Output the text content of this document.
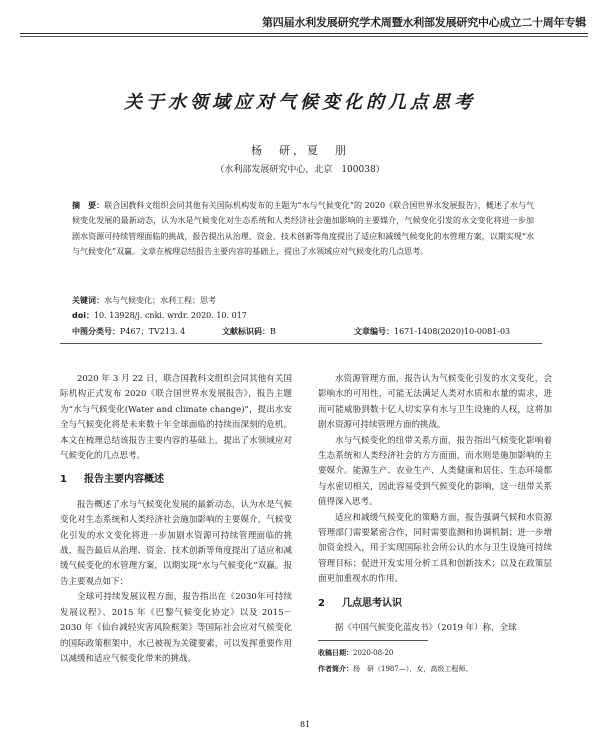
第四届水利发展研究学术周暨水利部发展研究中心成立二十周年专辑
关于水领域应对气候变化的几点思考
杨　研，夏　朋
（水利部发展研究中心，北京　100038）
摘　要：联合国教科文组织会同其他有关国际机构发布的主题为“水与气候变化”的 2020《联合国世界水发展报告》，概述了水与气候变化发展的最新动态，认为水是气候变化对生态系统和人类经济社会施加影响的主要媒介，气候变化引发的水文变化将进一步加剧水资源可持续管理面临的挑战，报告提出从治理、资金、技术创新等角度提出了适应和减缓气候变化的水管理方案，以期实现“水与气候变化”双赢。文章在梳理总结报告主要内容的基础上，提出了水领域应对气候变化的几点思考。
关键词：水与气候变化；水利工程；思考
doi：10. 13928/j. cnki. wrdr. 2020. 10. 017
中图分类号：P467；TV213. 4	文献标识码：B	文章编号：1671-1408(2020)10-0081-03

2020 年 3 月 22 日，联合国教科文组织会同其他有关国际机构正式发布 2020《联合国世界水发展报告》，报告主题为“水与气候变化(Water and climate change)”，提出水安全与气候变化将是未来数十年全球面临的持续而深刻的危机。本文在梳理总结该报告主要内容的基础上，提出了水领域应对气候变化的几点思考。

1 报告主要内容概述

报告概述了水与气候变化发展的最新动态，认为水是气候变化对生态系统和人类经济社会施加影响的主要媒介，气候变化引发的水文变化将进一步加剧水资源可持续管理面临的挑战，报告最后从治理、资金、技术创新等角度提出了适应和减缓气候变化的水管理方案，以期实现“水与气候变化”双赢。报告主要观点如下：

全球可持续发展议程方面，报告指出在《2030年可持续发展议程》、2015 年《巴黎气候变化协定》以及 2015－2030 年《仙台减轻灾害风险框架》等国际社会应对气候变化的国际政策框架中，水已被视为关键要素，可以发挥重要作用以减缓和适应气候变化带来的挑战。

水资源管理方面，报告认为气候变化引发的水文变化，会影响水的可用性，可能无法满足人类对水质和水量的需求，进而可能威胁到数十亿人切实享有水与卫生设施的人权，这将加剧水资源可持续管理方面的挑战。

水与气候变化的纽带关系方面，报告指出气候变化影响着生态系统和人类经济社会的方方面面，而水则是施加影响的主要媒介。能源生产、农业生产、人类健康和居住、生态环境都与水密切相关，因此容易受到气候变化的影响，这一纽带关系值得深入思考。

适应和减缓气候变化的策略方面，报告强调气候和水资源管理部门需要紧密合作，同时需要监测和协调机制；进一步增加资金投入，用于实现国际社会所公认的水与卫生设施可持续管理目标；促进开发实用分析工具和创新技术；以及在政策层面更加重视水的作用。

2 几点思考认识

据《中国气候变化蓝皮书》（2019 年）称，全球

收稿日期：2020-08-20
作者简介：杨　研（1987—），女，高级工程师。
81
